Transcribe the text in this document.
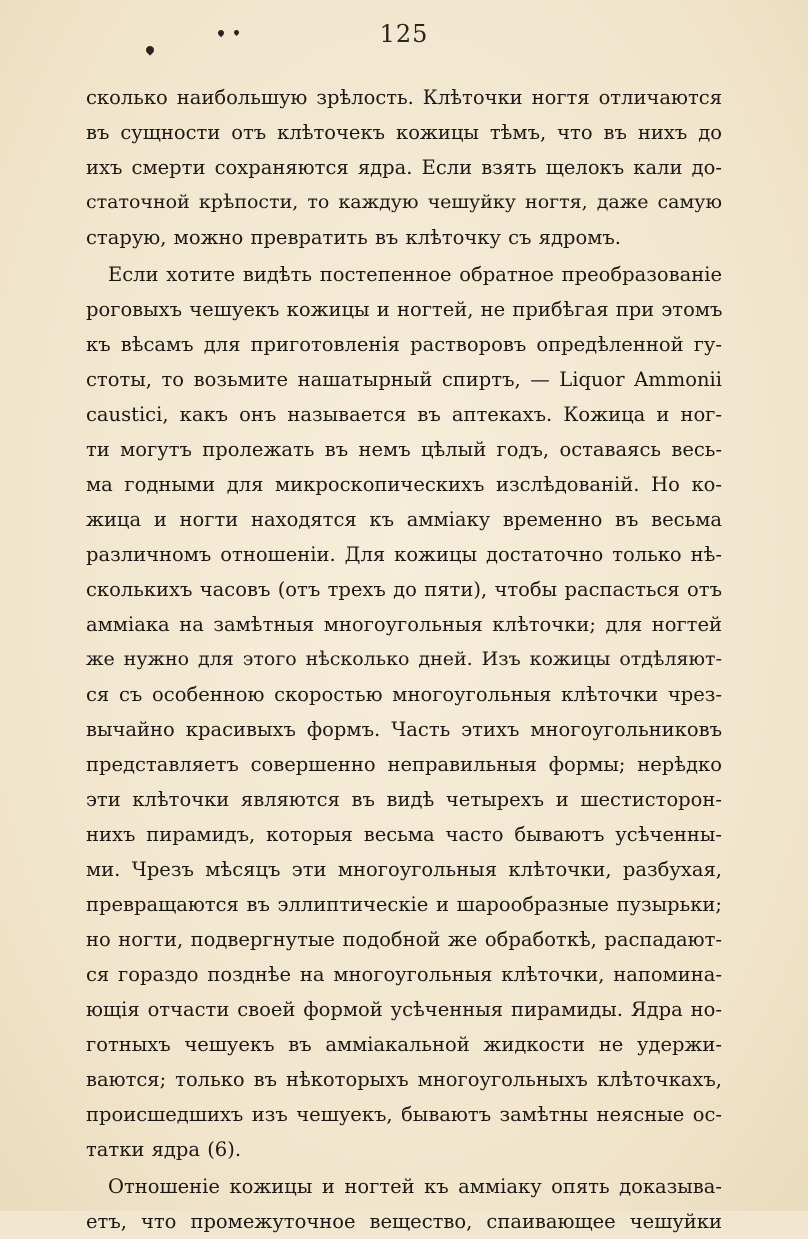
125
сколько наибольшую зрѣлость. Клѣточки ногтя отличаются
въ сущности отъ клѣточекъ кожицы тѣмъ, что въ нихъ до
ихъ смерти сохраняются ядра. Если взять щелокъ кали до-
статочной крѣпости, то каждую чешуйку ногтя, даже самую
старую, можно превратить въ клѣточку съ ядромъ.
Если хотите видѣть постепенное обратное преобразованіе
роговыхъ чешуекъ кожицы и ногтей, не прибѣгая при этомъ
къ вѣсамъ для приготовленія растворовъ опредѣленной гу-
стоты, то возьмите нашатырный спиртъ, — Liquor Ammonii
caustici, какъ онъ называется въ аптекахъ. Кожица и ног-
ти могутъ пролежать въ немъ цѣлый годъ, оставаясь весь-
ма годными для микроскопическихъ изслѣдованій. Но ко-
жица и ногти находятся къ амміаку временно въ весьма
различномъ отношеніи. Для кожицы достаточно только нѣ-
сколькихъ часовъ (отъ трехъ до пяти), чтобы распасться отъ
амміака на замѣтныя многоугольныя клѣточки; для ногтей
же нужно для этого нѣсколько дней. Изъ кожицы отдѣляют-
ся съ особенною скоростью многоугольныя клѣточки чрез-
вычайно красивыхъ формъ. Часть этихъ многоугольниковъ
представляетъ совершенно неправильныя формы; нерѣдко
эти клѣточки являются въ видѣ четырехъ и шестисторон-
нихъ пирамидъ, которыя весьма часто бываютъ усѣченны-
ми. Чрезъ мѣсяцъ эти многоугольныя клѣточки, разбухая,
превращаются въ эллиптическіе и шарообразные пузырьки;
но ногти, подвергнутые подобной же обработкѣ, распадают-
ся гораздо позднѣе на многоугольныя клѣточки, напомина-
ющія отчасти своей формой усѣченныя пирамиды. Ядра но-
готныхъ чешуекъ въ амміакальной жидкости не удержи-
ваются; только въ нѣкоторыхъ многоугольныхъ клѣточкахъ,
происшедшихъ изъ чешуекъ, бываютъ замѣтны неясные ос-
татки ядра (6).
Отношеніе кожицы и ногтей къ амміаку опять доказыва-
етъ, что промежуточное вещество, спаивающее чешуйки
